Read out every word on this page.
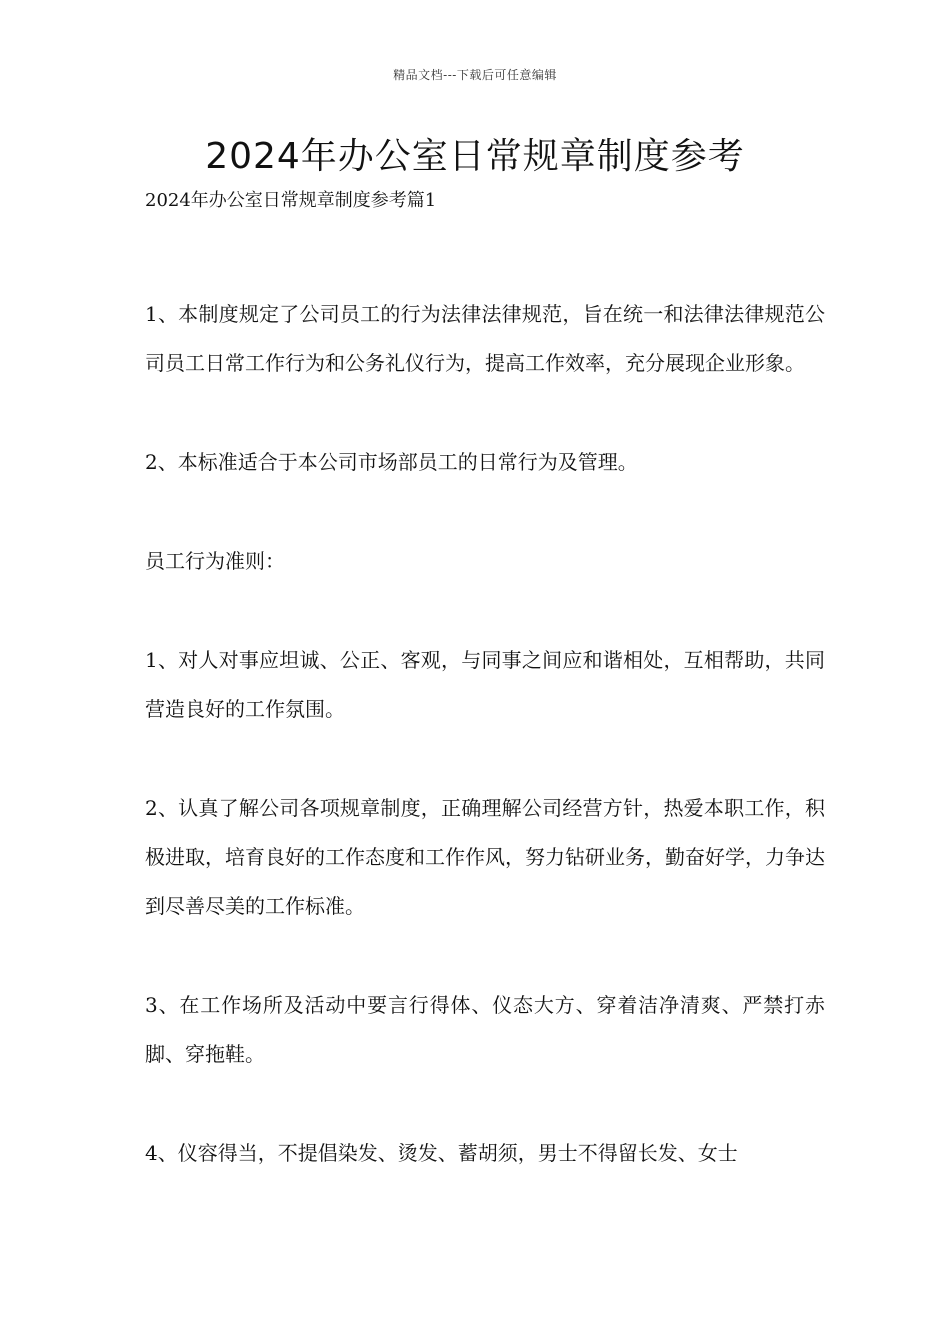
精品文档---下载后可任意编辑
2024年办公室日常规章制度参考

2024年办公室日常规章制度参考篇1

1、本制度规定了公司员工的行为法律法律规范，旨在统一和法律法律规范公司员工日常工作行为和公务礼仪行为，提高工作效率，充分展现企业形象。

2、本标准适合于本公司市场部员工的日常行为及管理。

员工行为准则：

1、对人对事应坦诚、公正、客观，与同事之间应和谐相处，互相帮助，共同营造良好的工作氛围。

2、认真了解公司各项规章制度，正确理解公司经营方针，热爱本职工作，积极进取，培育良好的工作态度和工作作风，努力钻研业务，勤奋好学，力争达到尽善尽美的工作标准。

3、在工作场所及活动中要言行得体、仪态大方、穿着洁净清爽、严禁打赤脚、穿拖鞋。

4、仪容得当，不提倡染发、烫发、蓄胡须，男士不得留长发、女士
